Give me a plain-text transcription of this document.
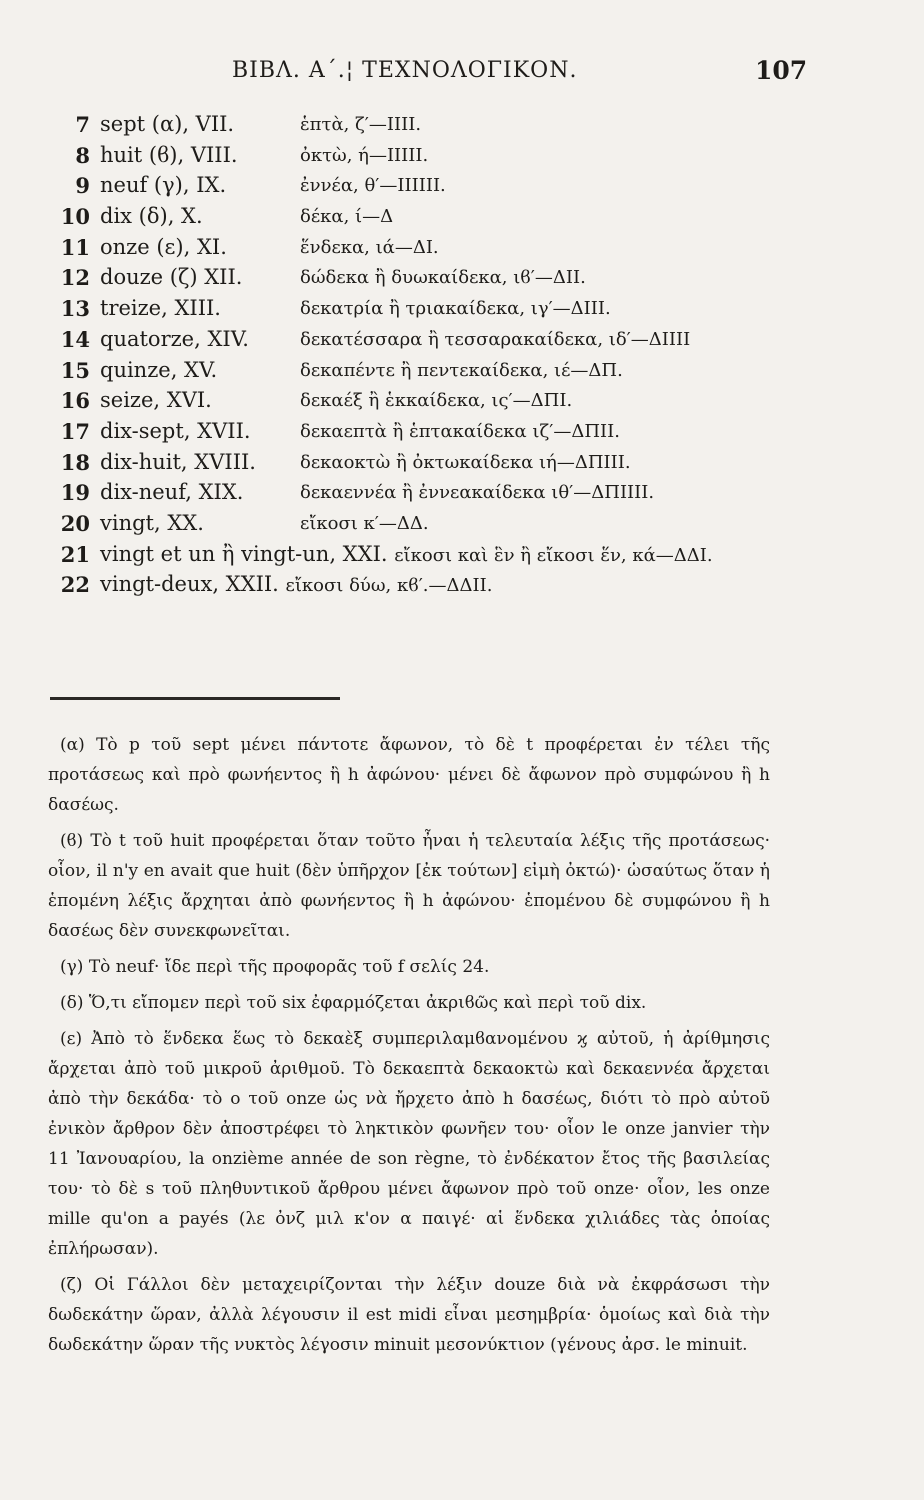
ΒΙΒΛ. Α΄.¦ ΤΕΧΝΟΛΟΓΙΚΟΝ.	107
7 sept (α), VII.	ἑπτὰ, ζ′—IIII.
8 huit (ϐ), VIII.	ὀκτὼ, ή—IIIII.
9 neuf (γ), IX.	ἐννέα, θ′—IIIIII.
10 dix (δ), X.	δέκα, ί—Δ
11 onze (ε), XI.	ἕνδεκα, ιά—ΔI.
12 douze (ζ) XII.	δώδεκα ἢ δυωκαίδεκα, ιϐ′—ΔII.
13 treize, XIII.	δεκατρία ἢ τριακαίδεκα, ιγ′—ΔIII.
14 quatorze, XIV.	δεκατέσσαρα ἢ τεσσαρακαίδεκα, ιδ′—ΔIIII
15 quinze, XV.	δεκαπέντε ἢ πεντεκαίδεκα, ιέ—ΔΠ.
16 seize, XVI.	δεκαέξ ἢ ἑκκαίδεκα, ις′—ΔΠI.
17 dix-sept, XVII.	δεκαεπτὰ ἢ ἑπτακαίδεκα ιζ′—ΔΠII.
18 dix-huit, XVIII. δεκαοκτὼ ἢ ὀκτωκαίδεκα ιή—ΔΠIII.
19 dix-neuf, XIX.	δεκαεννέα ἢ ἐννεακαίδεκα ιθ′—ΔΠIIII.
20 vingt, XX.	εἴκοσι κ′—ΔΔ.
21 vingt et un ἢ vingt-un, XXI. εἴκοσι καὶ ἓν ἢ εἴκοσι ἕν, κά—ΔΔI.
22 vingt-deux, XXII. εἴκοσι δύω, κϐ′.—ΔΔII.

(α) Τὸ p τοῦ sept μένει πάντοτε ἄφωνον, τὸ δὲ t προφέρεται ἐν τέλει τῆς προτάσεως καὶ πρὸ φωνήεντος ἢ h ἀφώνου· μένει δὲ ἄφωνον πρὸ συμφώνου ἢ h δασέως.

(ϐ) Τὸ t τοῦ huit προφέρεται ὅταν τοῦτο ἦναι ἡ τελευταία λέξις τῆς προτάσεως· οἷον, il n'y en avait que huit (δὲν ὑπῆρχον [ἐκ τούτων] εἰμὴ ὀκτώ)· ὡσαύτως ὅταν ἡ ἑπομένη λέξις ἄρχηται ἀπὸ φωνήεντος ἢ h ἀφώνου· ἑπομένου δὲ συμφώνου ἢ h δασέως δὲν συνεκφωνεῖται.

(γ) Τὸ neuf· ἴδε περὶ τῆς προφορᾶς τοῦ f σελίς 24.

(δ) Ὅ,τι εἴπομεν περὶ τοῦ six ἐφαρμόζεται ἀκριϐῶς καὶ περὶ τοῦ dix.

(ε) Ἀπὸ τὸ ἕνδεκα ἕως τὸ δεκαὲξ συμπεριλαμϐανομένου ϗ αὐτοῦ, ἡ ἀρίθμησις ἄρχεται ἀπὸ τοῦ μικροῦ ἀριθμοῦ. Τὸ δεκαεπτὰ δεκαοκτὼ καὶ δεκαεννέα ἄρχεται ἀπὸ τὴν δεκάδα· τὸ o τοῦ onze ὡς νὰ ἤρχετο ἀπὸ h δασέως, διότι τὸ πρὸ αὐτοῦ ἐνικὸν ἄρθρον δὲν ἀποστρέφει τὸ ληκτικὸν φωνῆεν του· οἷον le onze janvier τὴν 11 Ἰανουαρίου, la onzième année de son règne, τὸ ἐνδέκατον ἔτος τῆς βασιλείας του· τὸ δὲ s τοῦ πληθυντικοῦ ἄρθρου μένει ἄφωνον πρὸ τοῦ onze· οἷον, les onze mille qu'on a payés (λε ὀνζ μιλ κ'ον α παιγέ· αἱ ἕνδεκα χιλιάδες τὰς ὁποίας ἐπλήρωσαν).

(ζ) Οἱ Γάλλοι δὲν μεταχειρίζονται τὴν λέξιν douze διὰ νὰ ἐκφράσωσι τὴν δωδεκάτην ὥραν, ἀλλὰ λέγουσιν il est midi εἶναι μεσημβρία· ὁμοίως καὶ διὰ τὴν δωδεκάτην ὥραν τῆς νυκτὸς λέγοσιν minuit μεσονύκτιον (γένους ἀρσ. le minuit.
